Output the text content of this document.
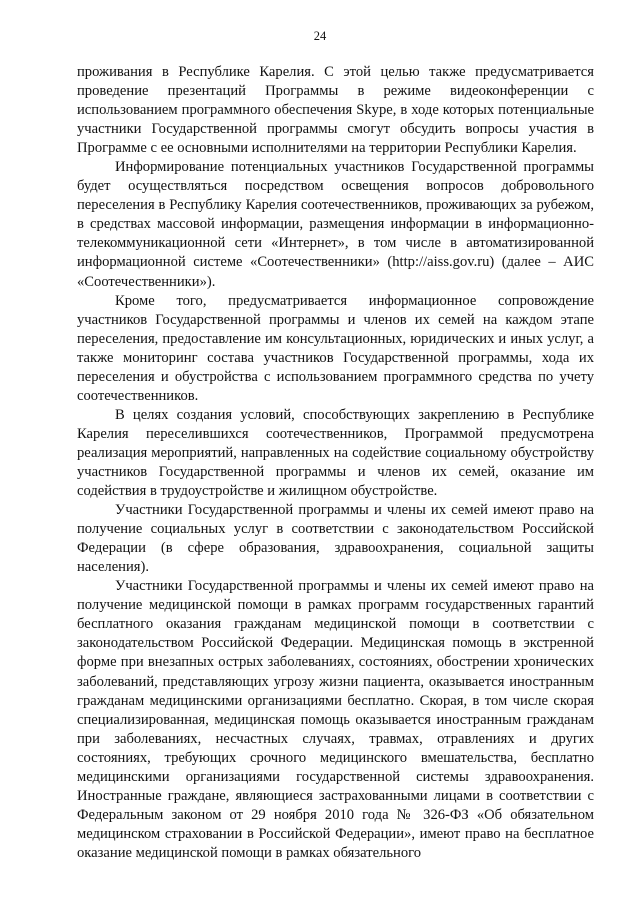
24

проживания в Республике Карелия. С этой целью также предусматривается проведение презентаций Программы в режиме видеоконференции с использованием программного обеспечения Skype, в ходе которых потенциальные участники Государственной программы смогут обсудить вопросы участия в Программе с ее основными исполнителями на территории Республики Карелия.

Информирование потенциальных участников Государственной программы будет осуществляться посредством освещения вопросов добровольного переселения в Республику Карелия соотечественников, проживающих за рубежом, в средствах массовой информации, размещения информации в информационно-телекоммуникационной сети «Интернет», в том числе в автоматизированной информационной системе «Соотечественники» (http://aiss.gov.ru) (далее – АИС «Соотечественники»).

Кроме того, предусматривается информационное сопровождение участников Государственной программы и членов их семей на каждом этапе переселения, предоставление им консультационных, юридических и иных услуг, а также мониторинг состава участников Государственной программы, хода их переселения и обустройства с использованием программного средства по учету соотечественников.

В целях создания условий, способствующих закреплению в Республике Карелия переселившихся соотечественников, Программой предусмотрена реализация мероприятий, направленных на содействие социальному обустройству участников Государственной программы и членов их семей, оказание им содействия в трудоустройстве и жилищном обустройстве.

Участники Государственной программы и члены их семей имеют право на получение социальных услуг в соответствии с законодательством Российской Федерации (в сфере образования, здравоохранения, социальной защиты населения).

Участники Государственной программы и члены их семей имеют право на получение медицинской помощи в рамках программ государственных гарантий бесплатного оказания гражданам медицинской помощи в соответствии с законодательством Российской Федерации. Медицинская помощь в экстренной форме при внезапных острых заболеваниях, состояниях, обострении хронических заболеваний, представляющих угрозу жизни пациента, оказывается иностранным гражданам медицинскими организациями бесплатно. Скорая, в том числе скорая специализированная, медицинская помощь оказывается иностранным гражданам при заболеваниях, несчастных случаях, травмах, отравлениях и других состояниях, требующих срочного медицинского вмешательства, бесплатно медицинскими организациями государственной системы здравоохранения. Иностранные граждане, являющиеся застрахованными лицами в соответствии с Федеральным законом от 29 ноября 2010 года № 326-ФЗ «Об обязательном медицинском страховании в Российской Федерации», имеют право на бесплатное оказание медицинской помощи в рамках обязательного
